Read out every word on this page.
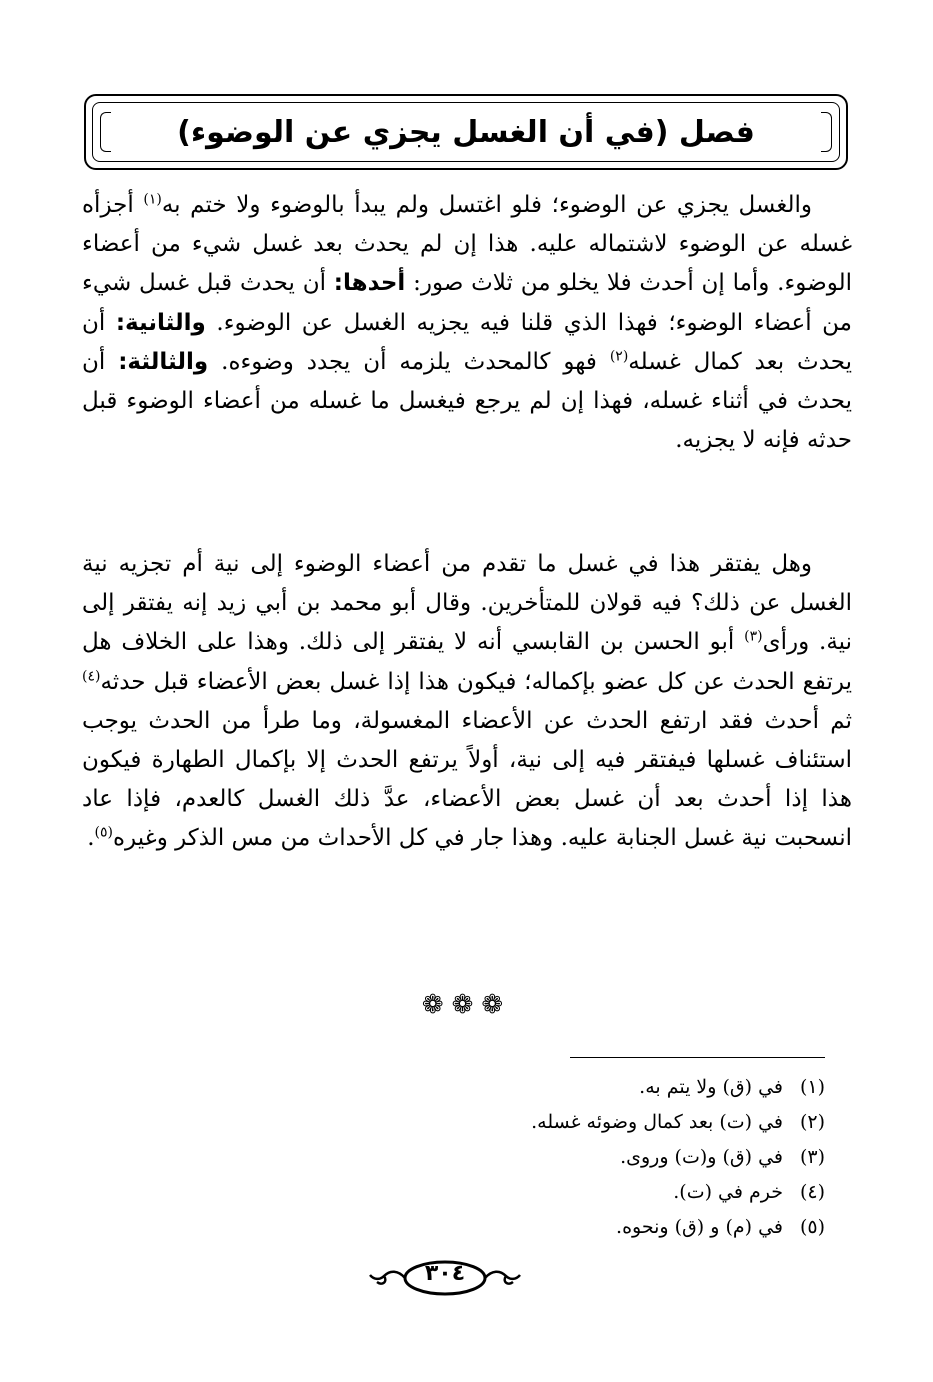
فصل (في أن الغسل يجزي عن الوضوء)

والغسل يجزي عن الوضوء؛ فلو اغتسل ولم يبدأ بالوضوء ولا ختم به$^{(١)}$ أجزأه غسله عن الوضوء لاشتماله عليه. هذا إن لم يحدث بعد غسل شيء من أعضاء الوضوء. وأما إن أحدث فلا يخلو من ثلاث صور: أحدها: أن يحدث قبل غسل شيء من أعضاء الوضوء؛ فهذا الذي قلنا فيه يجزيه الغسل عن الوضوء. والثانية: أن يحدث بعد كمال غسله$^{(٢)}$ فهو كالمحدث يلزمه أن يجدد وضوءه. والثالثة: أن يحدث في أثناء غسله، فهذا إن لم يرجع فيغسل ما غسله من أعضاء الوضوء قبل حدثه فإنه لا يجزيه.

وهل يفتقر هذا في غسل ما تقدم من أعضاء الوضوء إلى نية أم تجزيه نية الغسل عن ذلك؟ فيه قولان للمتأخرين. وقال أبو محمد بن أبي زيد إنه يفتقر إلى نية. ورأى$^{(٣)}$ أبو الحسن بن القابسي أنه لا يفتقر إلى ذلك. وهذا على الخلاف هل يرتفع الحدث عن كل عضو بإكماله؛ فيكون هذا إذا غسل بعض الأعضاء قبل حدثه$^{(٤)}$ ثم أحدث فقد ارتفع الحدث عن الأعضاء المغسولة، وما طرأ من الحدث يوجب استئناف غسلها فيفتقر فيه إلى نية، أولاً يرتفع الحدث إلا بإكمال الطهارة فيكون هذا إذا أحدث بعد أن غسل بعض الأعضاء، عدَّ ذلك الغسل كالعدم، فإذا عاد انسحبت نية غسل الجنابة عليه. وهذا جار في كل الأحداث من مس الذكر وغيره$^{(٥)}$.

❁❁❁
(١)
في (ق) ولا يتم به.
(٢)
في (ت) بعد كمال وضوئه غسله.
(٣)
في (ق) و(ت) وروى.
(٤)
خرم في (ت).
(٥)
في (م) و (ق) ونحوه.
٣٠٤
